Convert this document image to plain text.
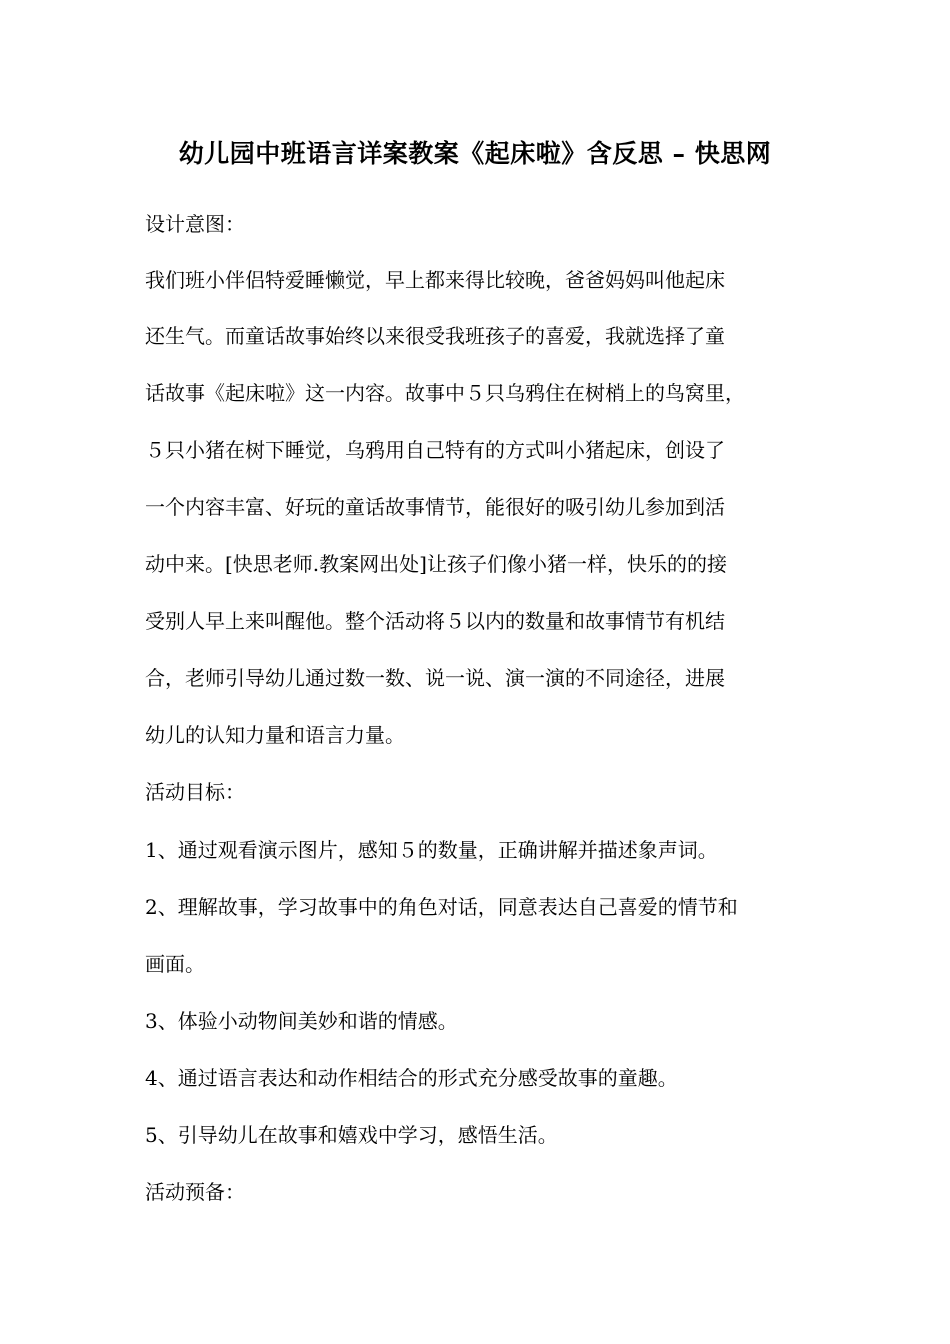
幼儿园中班语言详案教案《起床啦》含反思 – 快思网
设计意图：
我们班小伴侣特爱睡懒觉，早上都来得比较晚，爸爸妈妈叫他起床
还生气。而童话故事始终以来很受我班孩子的喜爱，我就选择了童
话故事《起床啦》这一内容。故事中５只乌鸦住在树梢上的鸟窝里，
５只小猪在树下睡觉，乌鸦用自己特有的方式叫小猪起床，创设了
一个内容丰富、好玩的童话故事情节，能很好的吸引幼儿参加到活
动中来。[快思老师.教案网出处]让孩子们像小猪一样，快乐的的接
受别人早上来叫醒他。整个活动将５以内的数量和故事情节有机结
合，老师引导幼儿通过数一数、说一说、演一演的不同途径，进展
幼儿的认知力量和语言力量。
活动目标：
1、通过观看演示图片，感知５的数量，正确讲解并描述象声词。
2、理解故事，学习故事中的角色对话，同意表达自己喜爱的情节和
画面。
3、体验小动物间美妙和谐的情感。
4、通过语言表达和动作相结合的形式充分感受故事的童趣。
5、引导幼儿在故事和嬉戏中学习，感悟生活。
活动预备：
